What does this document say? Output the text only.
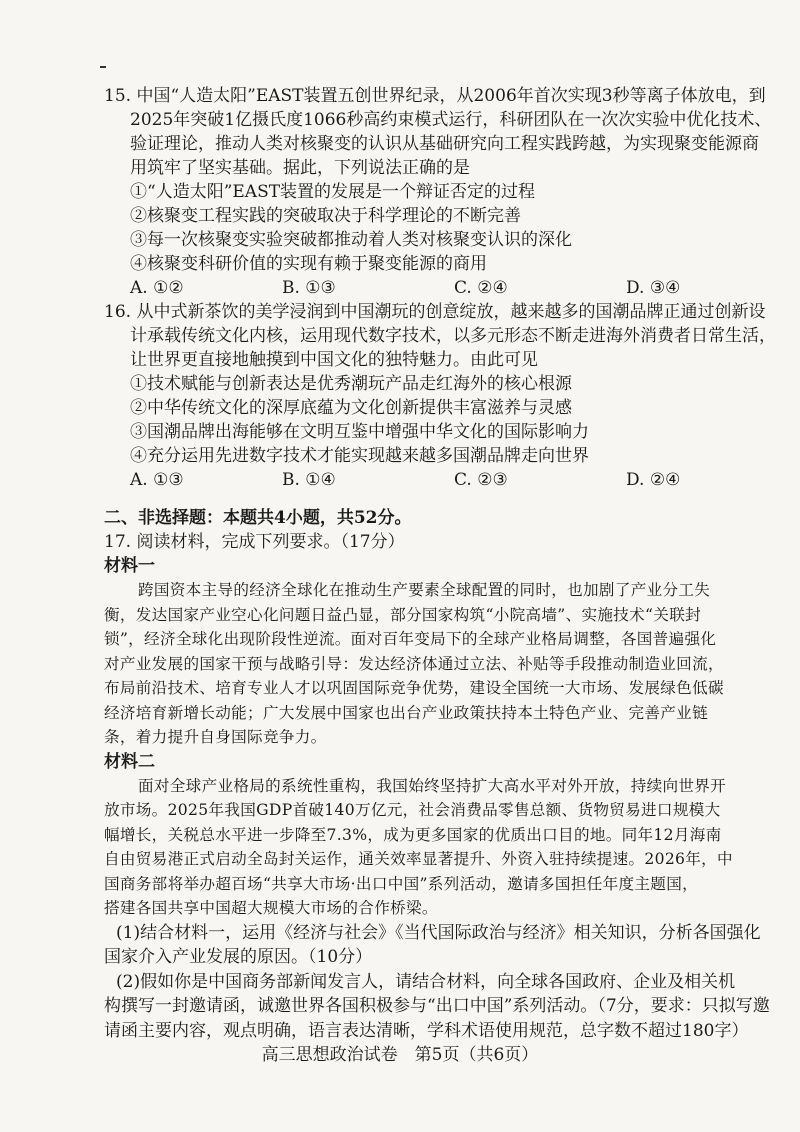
15. 中国“人造太阳”EAST装置五创世界纪录，从2006年首次实现3秒等离子体放电，到
2025年突破1亿摄氏度1066秒高约束模式运行，科研团队在一次次实验中优化技术、
验证理论，推动人类对核聚变的认识从基础研究向工程实践跨越，为实现聚变能源商
用筑牢了坚实基础。据此，下列说法正确的是
①“人造太阳”EAST装置的发展是一个辩证否定的过程
②核聚变工程实践的突破取决于科学理论的不断完善
③每一次核聚变实验突破都推动着人类对核聚变认识的深化
④核聚变科研价值的实现有赖于聚变能源的商用
A. ①②	B. ①③	C. ②④	D. ③④
16. 从中式新茶饮的美学浸润到中国潮玩的创意绽放，越来越多的国潮品牌正通过创新设
计承载传统文化内核，运用现代数字技术，以多元形态不断走进海外消费者日常生活，
让世界更直接地触摸到中国文化的独特魅力。由此可见
①技术赋能与创新表达是优秀潮玩产品走红海外的核心根源
②中华传统文化的深厚底蕴为文化创新提供丰富滋养与灵感
③国潮品牌出海能够在文明互鉴中增强中华文化的国际影响力
④充分运用先进数字技术才能实现越来越多国潮品牌走向世界
A. ①③	B. ①④	C. ②③	D. ②④
二、非选择题：本题共4小题，共52分。
17. 阅读材料，完成下列要求。（17分）
材料一
跨国资本主导的经济全球化在推动生产要素全球配置的同时，也加剧了产业分工失
衡，发达国家产业空心化问题日益凸显，部分国家构筑“小院高墙”、实施技术“关联封
锁”，经济全球化出现阶段性逆流。面对百年变局下的全球产业格局调整，各国普遍强化
对产业发展的国家干预与战略引导：发达经济体通过立法、补贴等手段推动制造业回流，
布局前沿技术、培育专业人才以巩固国际竞争优势，建设全国统一大市场、发展绿色低碳
经济培育新增长动能；广大发展中国家也出台产业政策扶持本土特色产业、完善产业链
条，着力提升自身国际竞争力。
材料二
面对全球产业格局的系统性重构，我国始终坚持扩大高水平对外开放，持续向世界开
放市场。2025年我国GDP首破140万亿元，社会消费品零售总额、货物贸易进口规模大
幅增长，关税总水平进一步降至7.3%，成为更多国家的优质出口目的地。同年12月海南
自由贸易港正式启动全岛封关运作，通关效率显著提升、外资入驻持续提速。2026年，中
国商务部将举办超百场“共享大市场·出口中国”系列活动，邀请多国担任年度主题国，
搭建各国共享中国超大规模大市场的合作桥梁。
(1)结合材料一，运用《经济与社会》《当代国际政治与经济》相关知识，分析各国强化
国家介入产业发展的原因。（10分）
(2)假如你是中国商务部新闻发言人，请结合材料，向全球各国政府、企业及相关机
构撰写一封邀请函，诚邀世界各国积极参与“出口中国”系列活动。（7分，要求：只拟写邀
请函主要内容，观点明确，语言表达清晰，学科术语使用规范，总字数不超过180字）
高三思想政治试卷　第5页（共6页）
